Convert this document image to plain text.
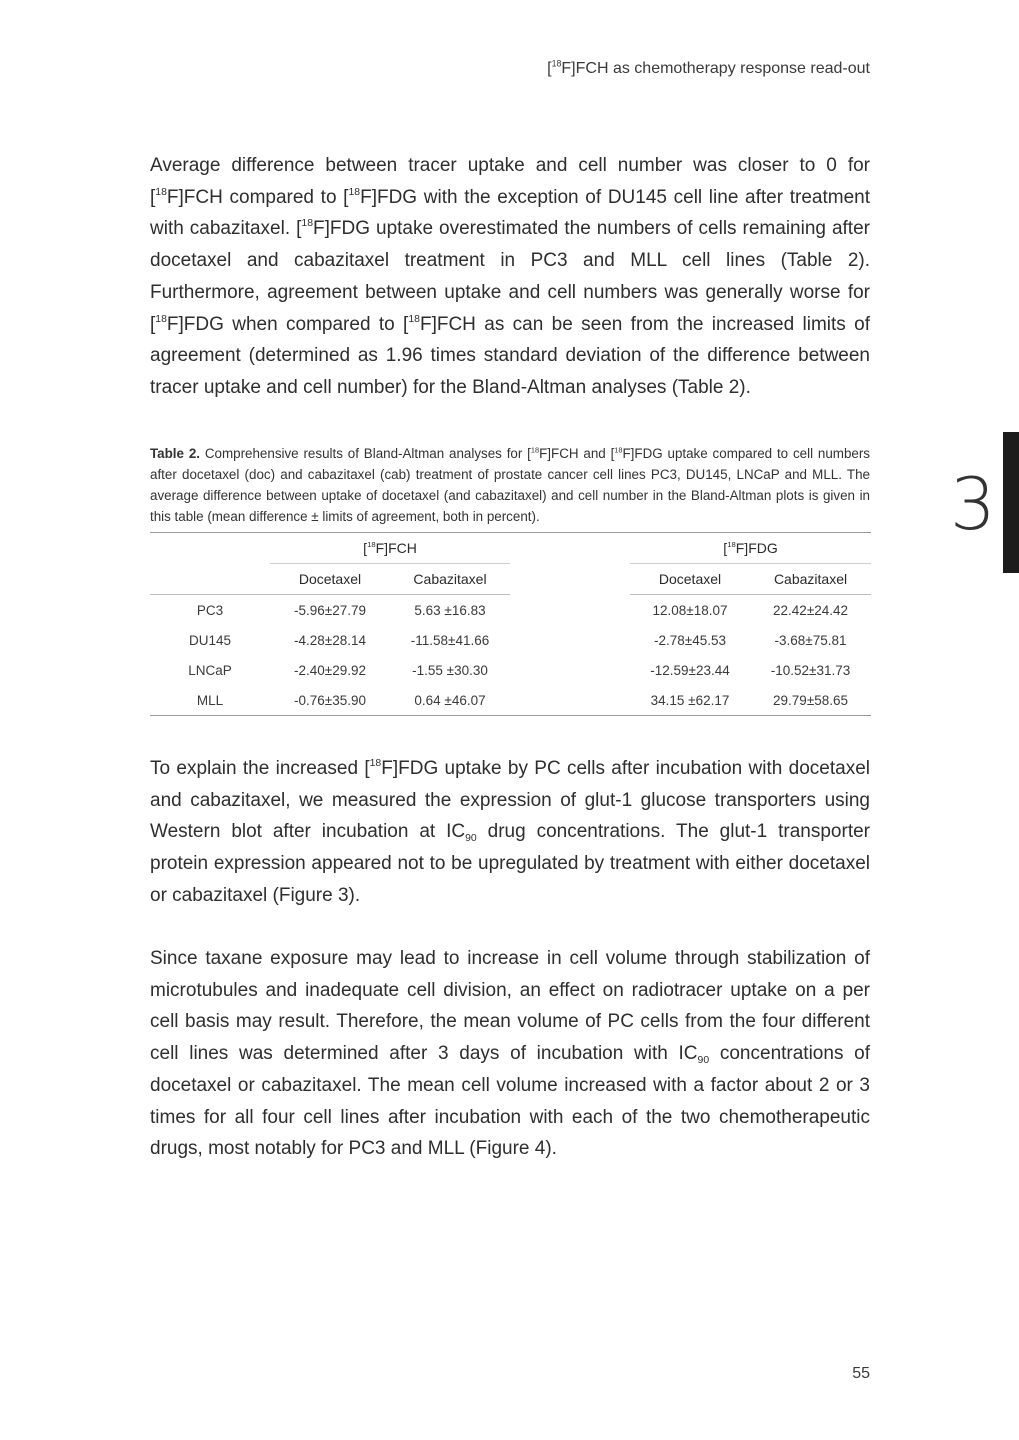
[$^{18}$F]FCH as chemotherapy response read-out

Average difference between tracer uptake and cell number was closer to 0 for [$^{18}$F]FCH compared to [$^{18}$F]FDG with the exception of DU145 cell line after treatment with cabazitaxel. [$^{18}$F]FDG uptake overestimated the numbers of cells remaining after docetaxel and cabazitaxel treatment in PC3 and MLL cell lines (Table 2). Furthermore, agreement between uptake and cell numbers was generally worse for [$^{18}$F]FDG when compared to [$^{18}$F]FCH as can be seen from the increased limits of agreement (determined as 1.96 times standard deviation of the difference between tracer uptake and cell number) for the Bland-Altman analyses (Table 2).

Table 2. Comprehensive results of Bland-Altman analyses for [$^{18}$F]FCH and [$^{18}$F]FDG uptake compared to cell numbers after docetaxel (doc) and cabazitaxel (cab) treatment of prostate cancer cell lines PC3, DU145, LNCaP and MLL. The average difference between uptake of docetaxel (and cabazitaxel) and cell number in the Bland-Altman plots is given in this table (mean difference ± limits of agreement, both in percent).
	[$^{18}$F]FCH			[$^{18}$F]FDG	
	Docetaxel	Cabazitaxel		Docetaxel	Cabazitaxel
PC3	-5.96±27.79	5.63 ±16.83		12.08±18.07	22.42±24.42
DU145	-4.28±28.14	-11.58±41.66		-2.78±45.53	-3.68±75.81
LNCaP	-2.40±29.92	-1.55 ±30.30		-12.59±23.44	-10.52±31.73
MLL	-0.76±35.90	0.64 ±46.07		34.15 ±62.17	29.79±58.65

To explain the increased [$^{18}$F]FDG uptake by PC cells after incubation with docetaxel and cabazitaxel, we measured the expression of glut-1 glucose transporters using Western blot after incubation at $IC_{90}$ drug concentrations. The glut-1 transporter protein expression appeared not to be upregulated by treatment with either docetaxel or cabazitaxel (Figure 3).

Since taxane exposure may lead to increase in cell volume through stabilization of microtubules and inadequate cell division, an effect on radiotracer uptake on a per cell basis may result. Therefore, the mean volume of PC cells from the four different cell lines was determined after 3 days of incubation with $IC_{90}$ concentrations of docetaxel or cabazitaxel. The mean cell volume increased with a factor about 2 or 3 times for all four cell lines after incubation with each of the two chemotherapeutic drugs, most notably for PC3 and MLL (Figure 4).

3
55
